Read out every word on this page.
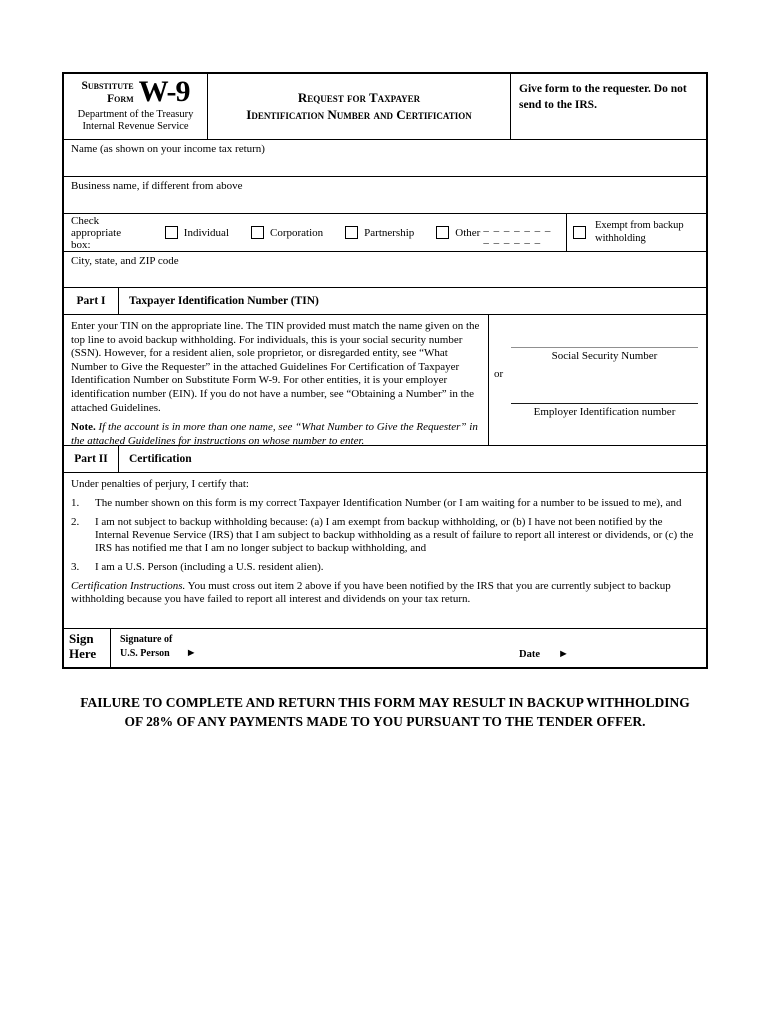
Substitute
Form W-9
Department of the Treasury
Internal Revenue Service
Request for Taxpayer
Identification Number and Certification
Give form to the requester. Do not send to the IRS.
Name (as shown on your income tax return)
Business name, if different from above
Check appropriate box:
Individual	Corporation	Partnership	Other _ _ _ _ _ _ _ _ _ _ _ _ _
Exempt from backup withholding
City, state, and ZIP code
Part I	Taxpayer Identification Number (TIN)
Enter your TIN on the appropriate line. The TIN provided must match the name given on the top line to avoid backup withholding. For individuals, this is your social security number (SSN). However, for a resident alien, sole proprietor, or disregarded entity, see “What Number to Give the Requester” in the attached Guidelines For Certification of Taxpayer Identification Number on Substitute Form W-9. For other entities, it is your employer identification number (EIN). If you do not have a number, see “Obtaining a Number” in the attached Guidelines.
Note. If the account is in more than one name, see “What Number to Give the Requester” in the attached Guidelines for instructions on whose number to enter.
Social Security Number
or
Employer Identification number
Part II	Certification
Under penalties of perjury, I certify that:
1.	The number shown on this form is my correct Taxpayer Identification Number (or I am waiting for a number to be issued to me), and
2.	I am not subject to backup withholding because: (a) I am exempt from backup withholding, or (b) I have not been notified by the Internal Revenue Service (IRS) that I am subject to backup withholding as a result of failure to report all interest or dividends, or (c) the IRS has notified me that I am no longer subject to backup withholding, and
3.	I am a U.S. Person (including a U.S. resident alien).
Certification Instructions. You must cross out item 2 above if you have been notified by the IRS that you are currently subject to backup withholding because you have failed to report all interest and dividends on your tax return.
Sign
Here
Signature of
U.S. Person ►	Date ►
FAILURE TO COMPLETE AND RETURN THIS FORM MAY RESULT IN BACKUP WITHHOLDING
OF 28% OF ANY PAYMENTS MADE TO YOU PURSUANT TO THE TENDER OFFER.
